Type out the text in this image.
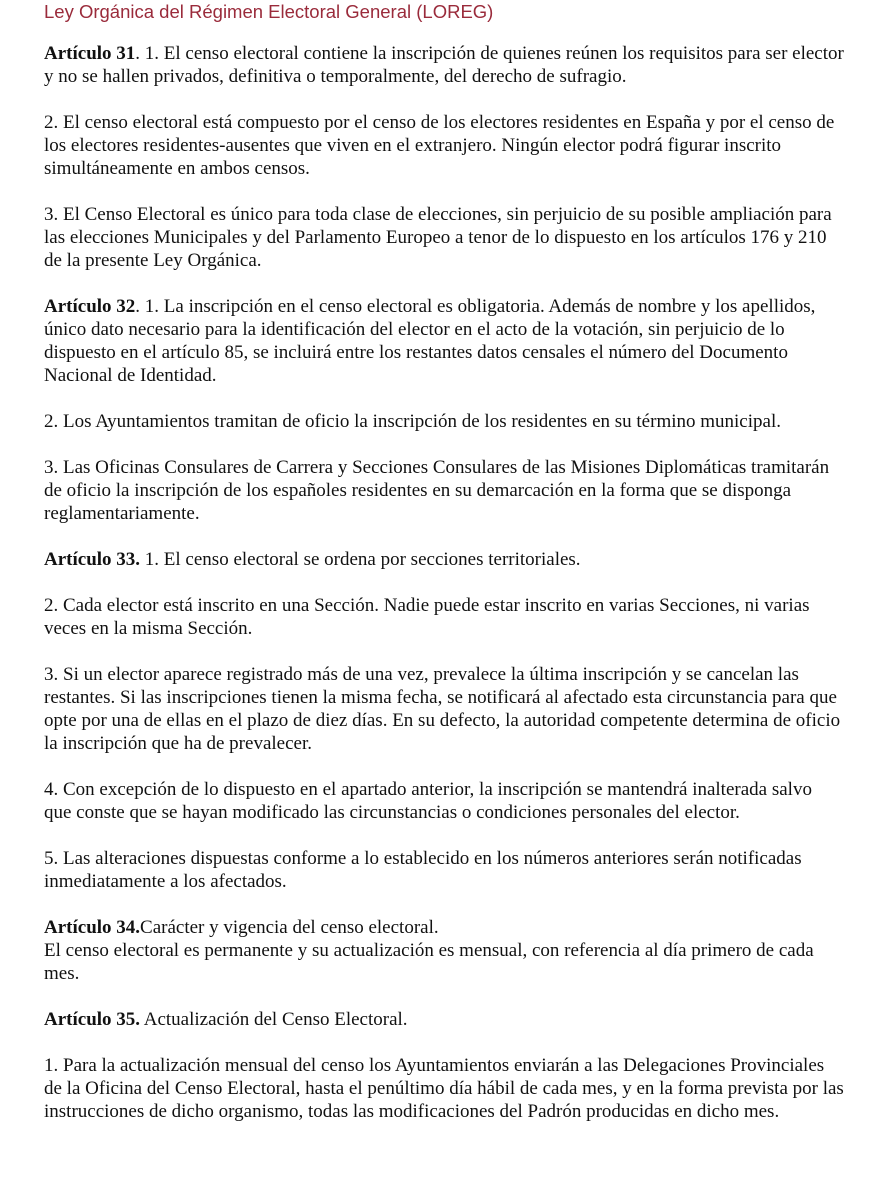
Ley Orgánica del Régimen Electoral General (LOREG)

Artículo 31. 1. El censo electoral contiene la inscripción de quienes reúnen los requisitos para ser elector y no se hallen privados, definitiva o temporalmente, del derecho de sufragio.

2. El censo electoral está compuesto por el censo de los electores residentes en España y por el censo de los electores residentes-ausentes que viven en el extranjero. Ningún elector podrá figurar inscrito simultáneamente en ambos censos.

3. El Censo Electoral es único para toda clase de elecciones, sin perjuicio de su posible ampliación para las elecciones Municipales y del Parlamento Europeo a tenor de lo dispuesto en los artículos 176 y 210 de la presente Ley Orgánica.

Artículo 32. 1. La inscripción en el censo electoral es obligatoria. Además de nombre y los apellidos, único dato necesario para la identificación del elector en el acto de la votación, sin perjuicio de lo dispuesto en el artículo 85, se incluirá entre los restantes datos censales el número del Documento Nacional de Identidad.

2. Los Ayuntamientos tramitan de oficio la inscripción de los residentes en su término municipal.

3. Las Oficinas Consulares de Carrera y Secciones Consulares de las Misiones Diplomáticas tramitarán de oficio la inscripción de los españoles residentes en su demarcación en la forma que se disponga reglamentariamente.

Artículo 33. 1. El censo electoral se ordena por secciones territoriales.

2. Cada elector está inscrito en una Sección. Nadie puede estar inscrito en varias Secciones, ni varias veces en la misma Sección.

3. Si un elector aparece registrado más de una vez, prevalece la última inscripción y se cancelan las restantes. Si las inscripciones tienen la misma fecha, se notificará al afectado esta circunstancia para que opte por una de ellas en el plazo de diez días. En su defecto, la autoridad competente determina de oficio la inscripción que ha de prevalecer.

4. Con excepción de lo dispuesto en el apartado anterior, la inscripción se mantendrá inalterada salvo que conste que se hayan modificado las circunstancias o condiciones personales del elector.

5. Las alteraciones dispuestas conforme a lo establecido en los números anteriores serán notificadas inmediatamente a los afectados.

Artículo 34.Carácter y vigencia del censo electoral.

El censo electoral es permanente y su actualización es mensual, con referencia al día primero de cada mes.

Artículo 35. Actualización del Censo Electoral.

1. Para la actualización mensual del censo los Ayuntamientos enviarán a las Delegaciones Provinciales de la Oficina del Censo Electoral, hasta el penúltimo día hábil de cada mes, y en la forma prevista por las instrucciones de dicho organismo, todas las modificaciones del Padrón producidas en dicho mes.
